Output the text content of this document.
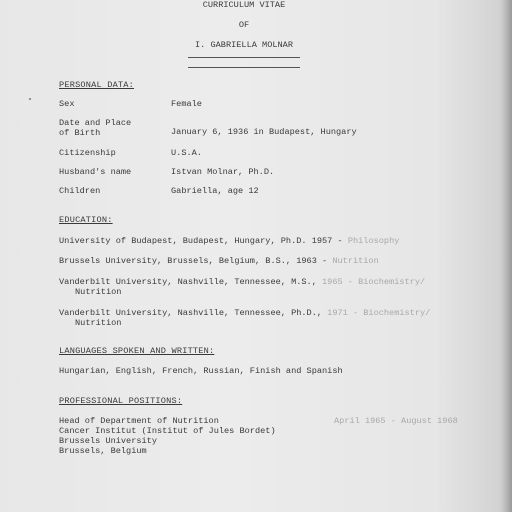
CURRICULUM VITAE
OF
I. GABRIELLA MOLNAR
PERSONAL DATA:
Sex	Female
Date and Place
of Birth	January 6, 1936 in Budapest, Hungary
Citizenship	U.S.A.
Husband's name	Istvan Molnar, Ph.D.
Children	Gabriella, age 12
EDUCATION:
University of Budapest, Budapest, Hungary, Ph.D. 1957 - Philosophy
Brussels University, Brussels, Belgium, B.S., 1963 - Nutrition
Vanderbilt University, Nashville, Tennessee, M.S., 1965 - Biochemistry/
Nutrition
Vanderbilt University, Nashville, Tennessee, Ph.D., 1971 - Biochemistry/
Nutrition
LANGUAGES SPOKEN AND WRITTEN:
Hungarian, English, French, Russian, Finish and Spanish
PROFESSIONAL POSITIONS:
Head of Department of Nutrition	April 1965 - August 1968
Cancer Institut (Institut of Jules Bordet)
Brussels University
Brussels, Belgium
